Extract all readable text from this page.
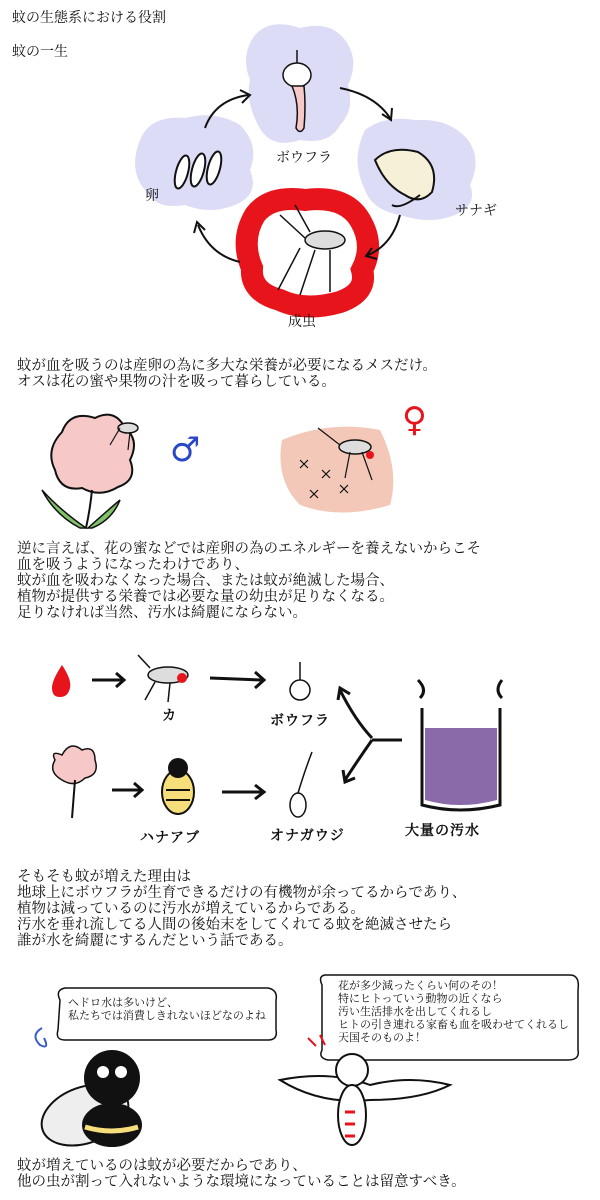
蚊の生態系における役割
蚊の一生
ボウフラ
サナギ
成虫
卵
蚊が血を吸うのは産卵の為に多大な栄養が必要になるメスだけ。
オスは花の蜜や果物の汁を吸って暮らしている。
♂
♀
逆に言えば、花の蜜などでは産卵の為のエネルギーを養えないからこそ
血を吸うようになったわけであり、
蚊が血を吸わなくなった場合、または蚊が絶滅した場合、
植物が提供する栄養では必要な量の幼虫が足りなくなる。
足りなければ当然、汚水は綺麗にならない。
カ	ボウフラ
ハナアブ	オナガウジ	大量の汚水
そもそも蚊が増えた理由は
地球上にボウフラが生育できるだけの有機物が余ってるからであり、
植物は減っているのに汚水が増えているからである。
汚水を垂れ流してる人間の後始末をしてくれてる蚊を絶滅させたら
誰が水を綺麗にするんだという話である。
ヘドロ水は多いけど、
私たちでは消費しきれないほどなのよね
花が多少減ったくらい何のその！
特にヒトっていう動物の近くなら
汚い生活排水を出してくれるし
ヒトの引き連れる家畜も血を吸わせてくれるし
天国そのものよ！
蚊が増えているのは蚊が必要だからであり、
他の虫が割って入れないような環境になっていることは留意すべき。
